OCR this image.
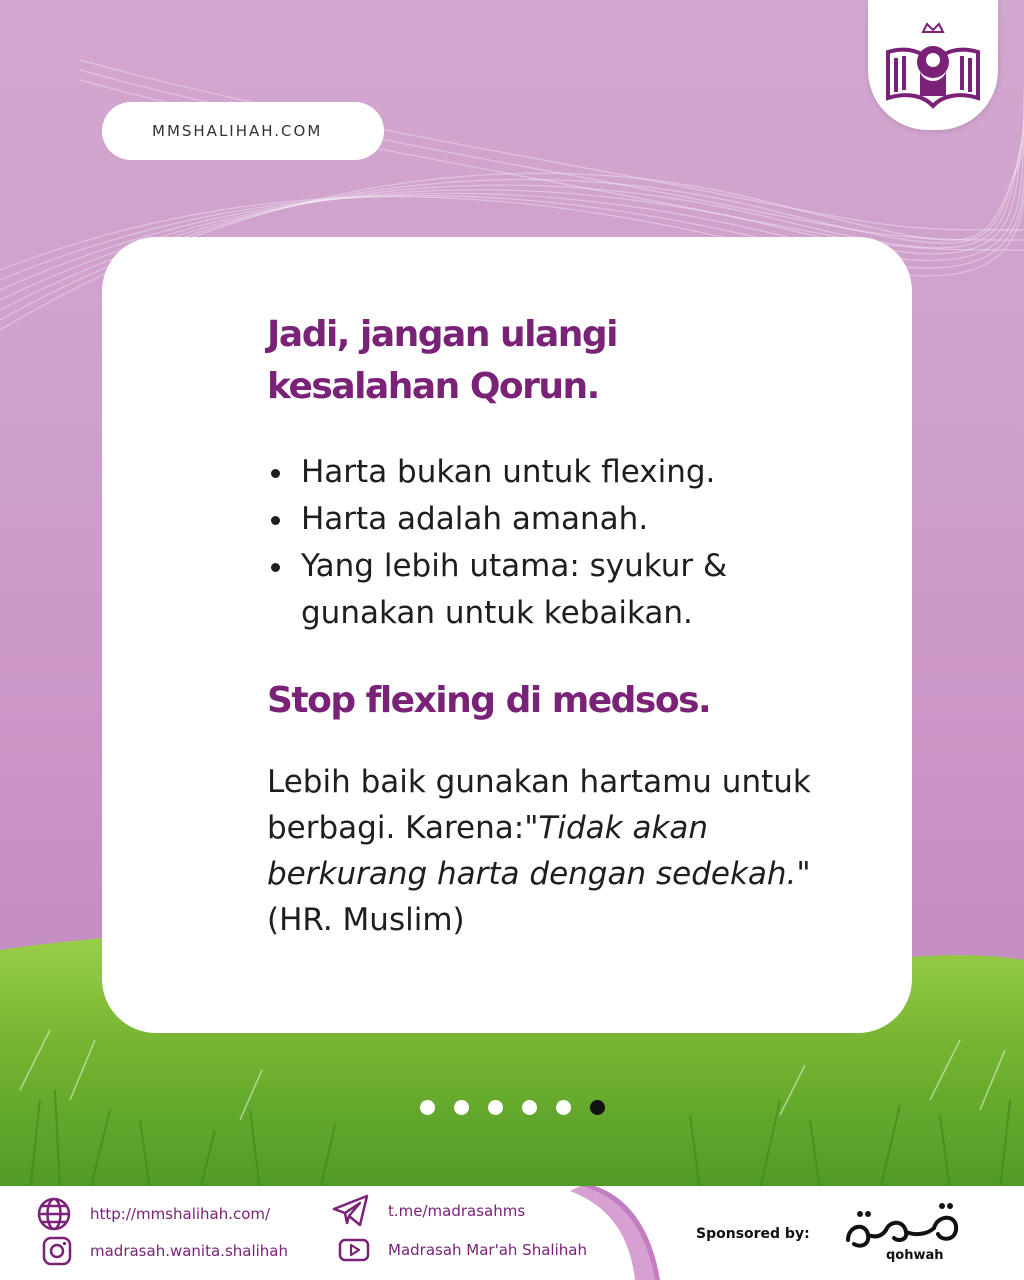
MMSHALIHAH.COM
Jadi, jangan ulangi kesalahan Qorun.
Harta bukan untuk flexing.
Harta adalah amanah.
Yang lebih utama: syukur & gunakan untuk kebaikan.
Stop flexing di medsos.

Lebih baik gunakan hartamu untuk berbagi. Karena:"Tidak akan berkurang harta dengan sedekah." (HR. Muslim)

http://mmshalihah.com/
madrasah.wanita.shalihah
t.me/madrasahms
Madrasah Mar'ah Shalihah
Sponsored by:
qohwah
